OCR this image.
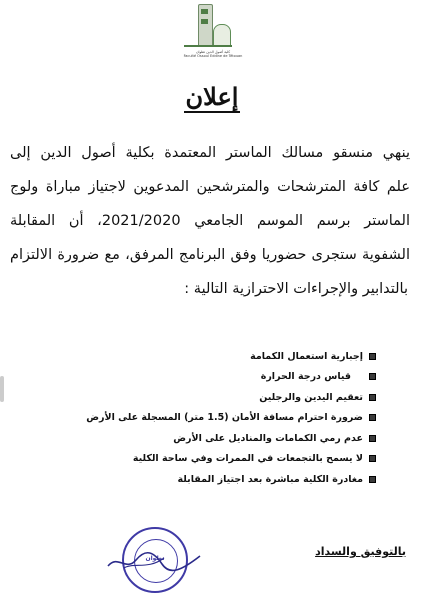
كلية أصول الدين تطوان
Faculté Ossoul Eddine de Tétouan
إعلان
ينهي منسقو مسالك الماستر المعتمدة بكلية أصول الدين إلى
علم كافة المترشحات والمترشحين المدعوين لاجتياز مباراة ولوج
الماستر برسم الموسم الجامعي 2021/2020، أن المقابلة
الشفوية ستجرى حضوريا وفق البرنامج المرفق، مع ضرورة الالتزام
بالتدابير والإجراءات الاحترازية التالية :
إجبارية استعمال الكمامة
قياس درجة الحرارة
تعقيم اليدين والرجلين
ضرورة احترام مسافة الأمان (1.5 متر) المسجلة على الأرض
عدم رمي الكمامات والمناديل على الأرض
لا يسمح بالتجمعات في الممرات وفي ساحة الكلية
مغادرة الكلية مباشرة بعد اجتياز المقابلة
تطوان
بالتوفيق والسداد
